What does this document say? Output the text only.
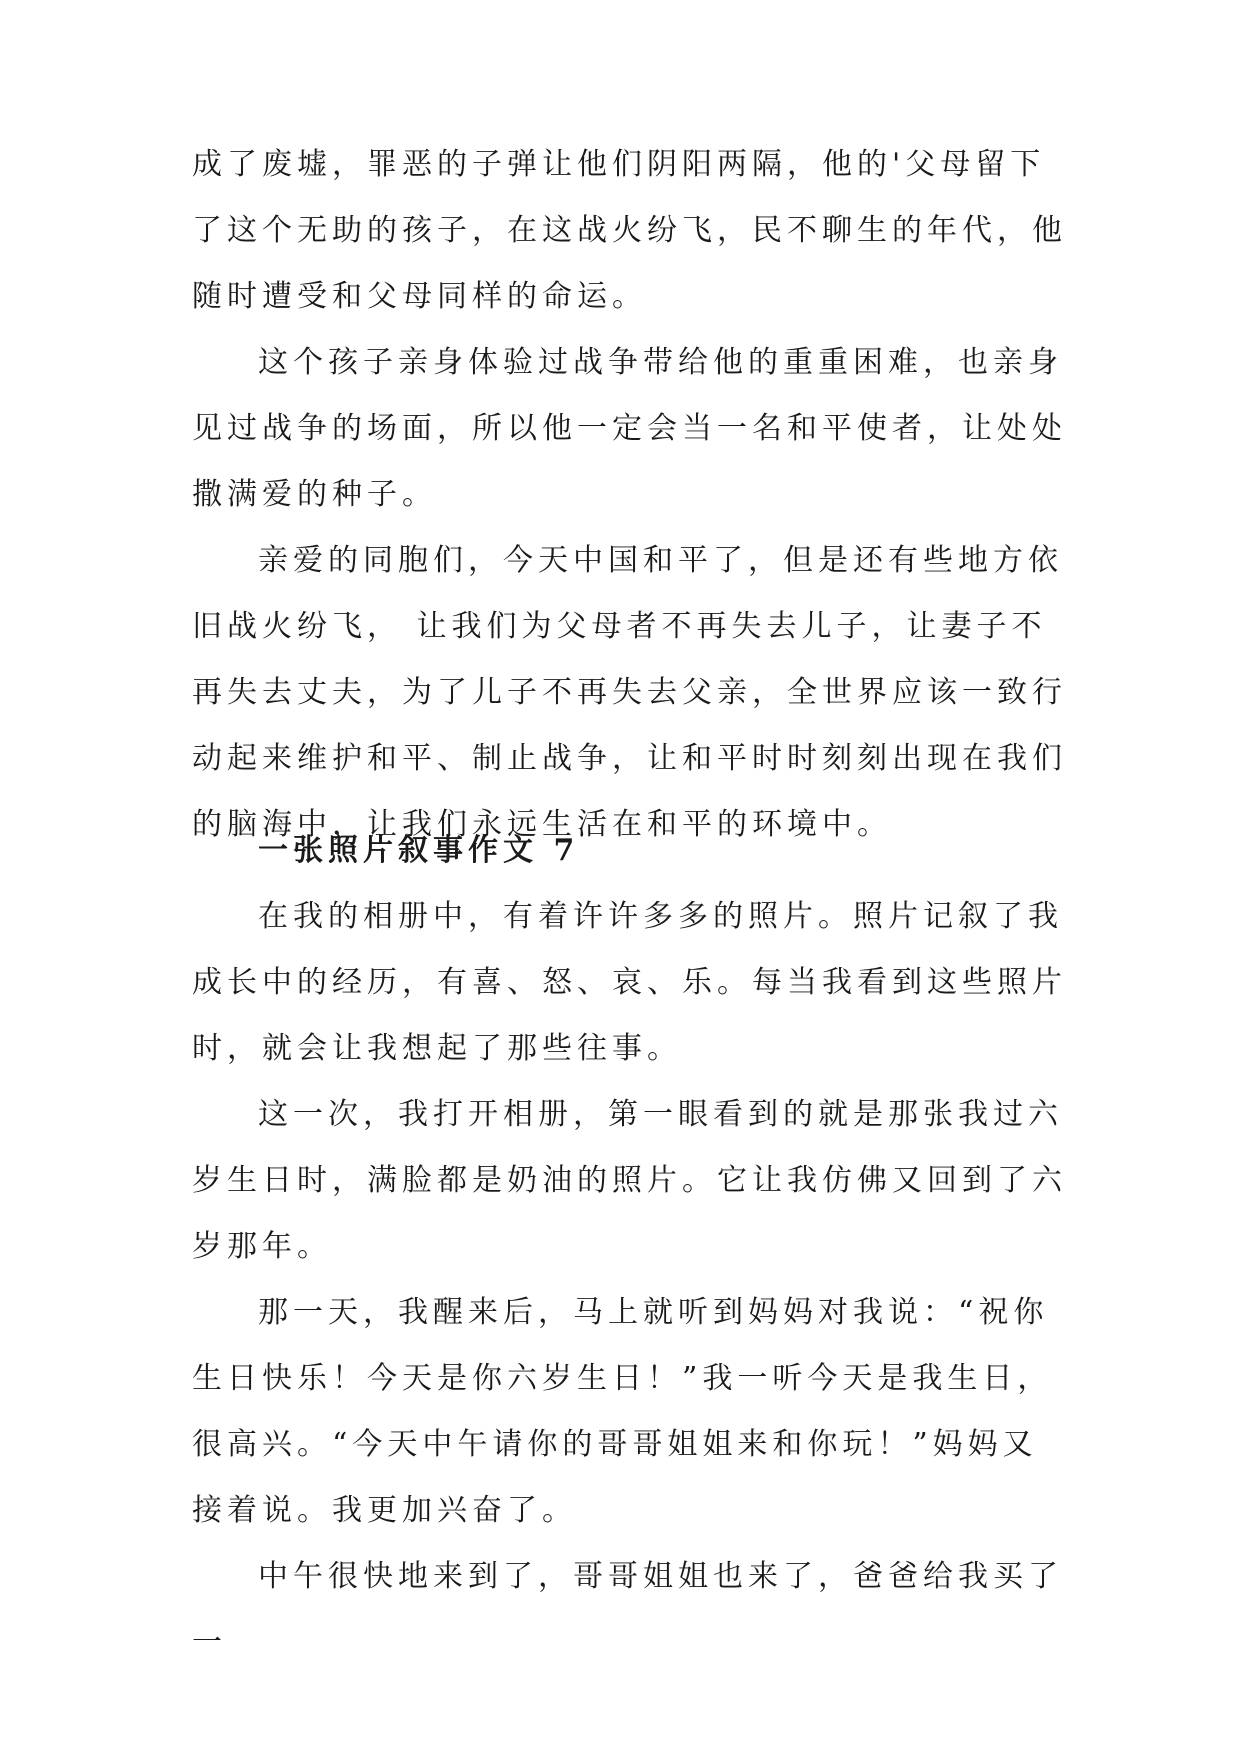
成了废墟，罪恶的子弹让他们阴阳两隔，他的'父母留下了这个无助的孩子，在这战火纷飞，民不聊生的年代，他随时遭受和父母同样的命运。

这个孩子亲身体验过战争带给他的重重困难，也亲身见过战争的场面，所以他一定会当一名和平使者，让处处撒满爱的种子。

亲爱的同胞们，今天中国和平了，但是还有些地方依旧战火纷飞， 让我们为父母者不再失去儿子，让妻子不再失去丈夫，为了儿子不再失去父亲，全世界应该一致行动起来维护和平、制止战争，让和平时时刻刻出现在我们的脑海中，让我们永远生活在和平的环境中。

一张照片叙事作文 7

在我的相册中，有着许许多多的照片。照片记叙了我成长中的经历，有喜、怒、哀、乐。每当我看到这些照片时，就会让我想起了那些往事。

这一次，我打开相册，第一眼看到的就是那张我过六岁生日时，满脸都是奶油的照片。它让我仿佛又回到了六岁那年。

那一天，我醒来后，马上就听到妈妈对我说：“祝你生日快乐！今天是你六岁生日！”我一听今天是我生日，很高兴。“今天中午请你的哥哥姐姐来和你玩！”妈妈又接着说。我更加兴奋了。

中午很快地来到了，哥哥姐姐也来了，爸爸给我买了一
